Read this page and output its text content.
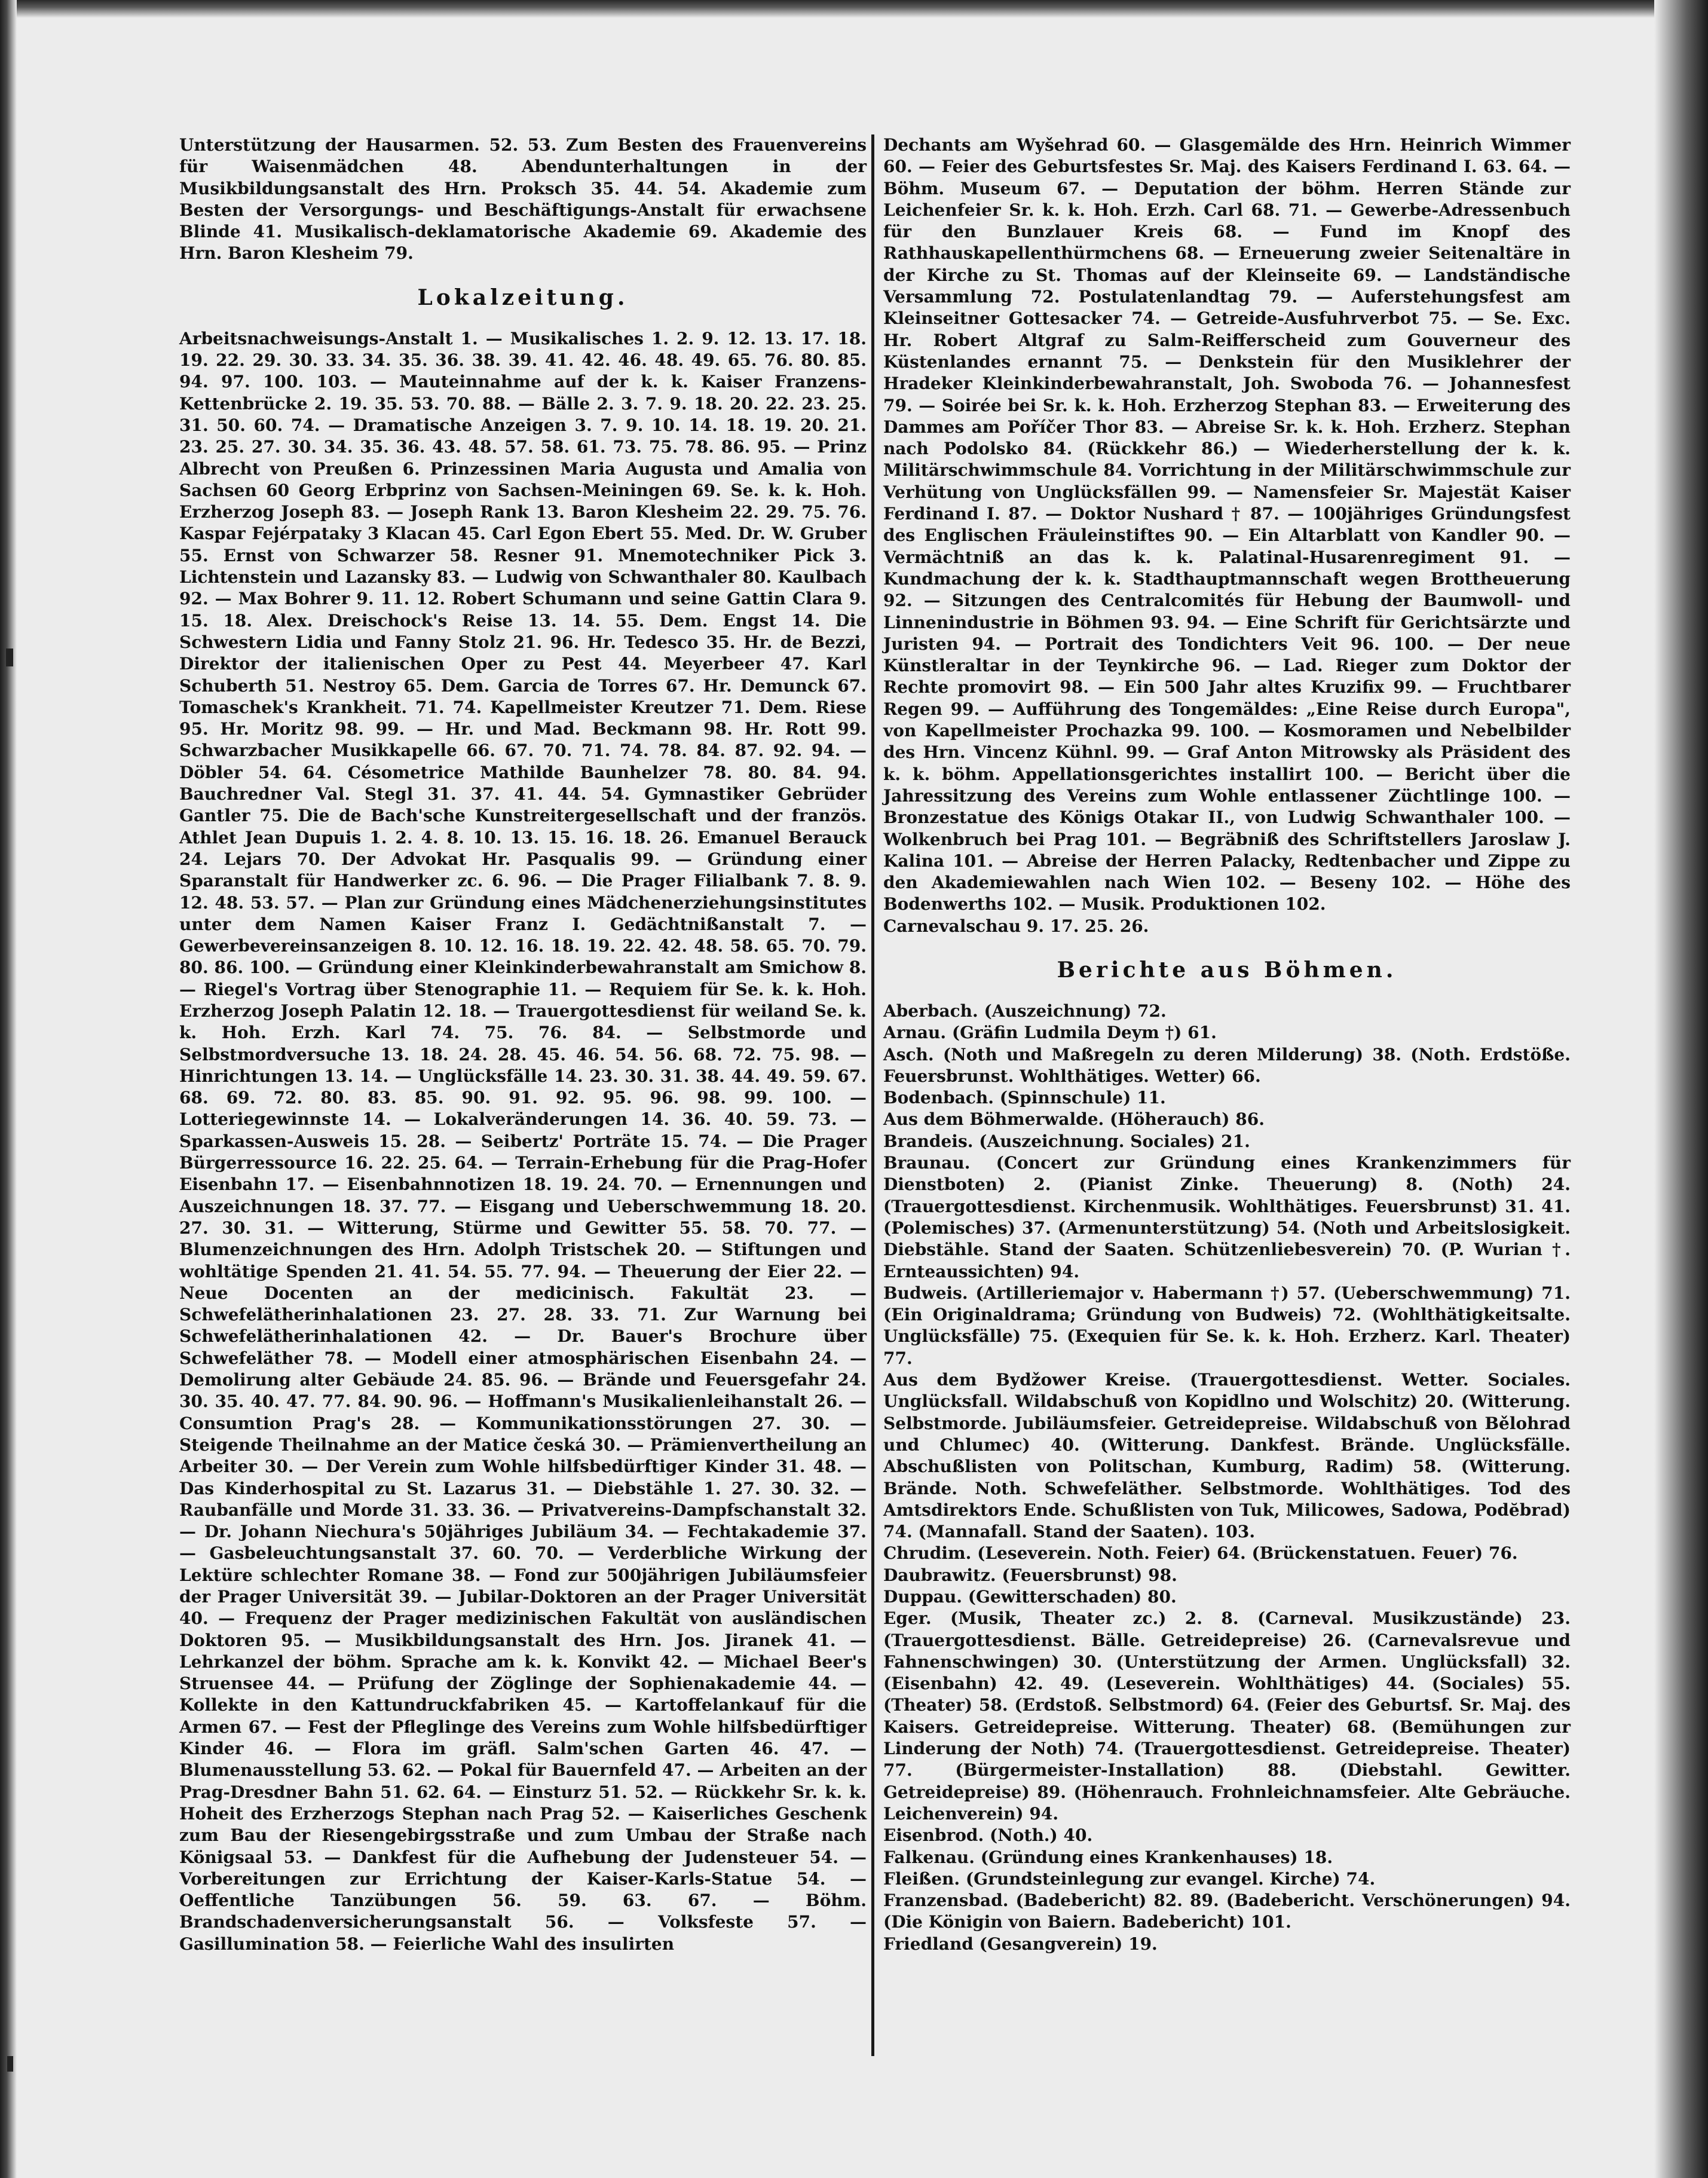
Unterstützung der Hausarmen. 52. 53. Zum Besten des Frauenvereins für Waisenmädchen 48. Abendunterhaltungen in der Musikbildungsanstalt des Hrn. Proksch 35. 44. 54. Akademie zum Besten der Versorgungs- und Beschäftigungs-Anstalt für erwachsene Blinde 41. Musikalisch-deklamatorische Akademie 69. Akademie des Hrn. Baron Klesheim 79.

Lokalzeitung.

Arbeitsnachweisungs-Anstalt 1. — Musikalisches 1. 2. 9. 12. 13. 17. 18. 19. 22. 29. 30. 33. 34. 35. 36. 38. 39. 41. 42. 46. 48. 49. 65. 76. 80. 85. 94. 97. 100. 103. — Mauteinnahme auf der k. k. Kaiser Franzens-Kettenbrücke 2. 19. 35. 53. 70. 88. — Bälle 2. 3. 7. 9. 18. 20. 22. 23. 25. 31. 50. 60. 74. — Dramatische Anzeigen 3. 7. 9. 10. 14. 18. 19. 20. 21. 23. 25. 27. 30. 34. 35. 36. 43. 48. 57. 58. 61. 73. 75. 78. 86. 95. — Prinz Albrecht von Preußen 6. Prinzessinen Maria Augusta und Amalia von Sachsen 60 Georg Erbprinz von Sachsen-Meiningen 69. Se. k. k. Hoh. Erzherzog Joseph 83. — Joseph Rank 13. Baron Klesheim 22. 29. 75. 76. Kaspar Fejérpataky 3 Klacan 45. Carl Egon Ebert 55. Med. Dr. W. Gruber 55. Ernst von Schwarzer 58. Resner 91. Mnemotechniker Pick 3. Lichtenstein und Lazansky 83. — Ludwig von Schwanthaler 80. Kaulbach 92. — Max Bohrer 9. 11. 12. Robert Schumann und seine Gattin Clara 9. 15. 18. Alex. Dreischock's Reise 13. 14. 55. Dem. Engst 14. Die Schwestern Lidia und Fanny Stolz 21. 96. Hr. Tedesco 35. Hr. de Bezzi, Direktor der italienischen Oper zu Pest 44. Meyerbeer 47. Karl Schuberth 51. Nestroy 65. Dem. Garcia de Torres 67. Hr. Demunck 67. Tomaschek's Krankheit. 71. 74. Kapellmeister Kreutzer 71. Dem. Riese 95. Hr. Moritz 98. 99. — Hr. und Mad. Beckmann 98. Hr. Rott 99. Schwarzbacher Musikkapelle 66. 67. 70. 71. 74. 78. 84. 87. 92. 94. — Döbler 54. 64. Césometrice Mathilde Baunhelzer 78. 80. 84. 94. Bauchredner Val. Stegl 31. 37. 41. 44. 54. Gymnastiker Gebrüder Gantler 75. Die de Bach'sche Kunstreitergesellschaft und der französ. Athlet Jean Dupuis 1. 2. 4. 8. 10. 13. 15. 16. 18. 26. Emanuel Berauck 24. Lejars 70. Der Advokat Hr. Pasqualis 99. — Gründung einer Sparanstalt für Handwerker zc. 6. 96. — Die Prager Filialbank 7. 8. 9. 12. 48. 53. 57. — Plan zur Gründung eines Mädchenerziehungsinstitutes unter dem Namen Kaiser Franz I. Gedächtnißanstalt 7. — Gewerbevereinsanzeigen 8. 10. 12. 16. 18. 19. 22. 42. 48. 58. 65. 70. 79. 80. 86. 100. — Gründung einer Kleinkinderbewahranstalt am Smichow 8. — Riegel's Vortrag über Stenographie 11. — Requiem für Se. k. k. Hoh. Erzherzog Joseph Palatin 12. 18. — Trauergottesdienst für weiland Se. k. k. Hoh. Erzh. Karl 74. 75. 76. 84. — Selbstmorde und Selbstmordversuche 13. 18. 24. 28. 45. 46. 54. 56. 68. 72. 75. 98. — Hinrichtungen 13. 14. — Unglücksfälle 14. 23. 30. 31. 38. 44. 49. 59. 67. 68. 69. 72. 80. 83. 85. 90. 91. 92. 95. 96. 98. 99. 100. — Lotteriegewinnste 14. — Lokalveränderungen 14. 36. 40. 59. 73. — Sparkassen-Ausweis 15. 28. — Seibertz' Porträte 15. 74. — Die Prager Bürgerressource 16. 22. 25. 64. — Terrain-Erhebung für die Prag-Hofer Eisenbahn 17. — Eisenbahnnotizen 18. 19. 24. 70. — Ernennungen und Auszeichnungen 18. 37. 77. — Eisgang und Ueberschwemmung 18. 20. 27. 30. 31. — Witterung, Stürme und Gewitter 55. 58. 70. 77. — Blumenzeichnungen des Hrn. Adolph Tristschek 20. — Stiftungen und wohltätige Spenden 21. 41. 54. 55. 77. 94. — Theuerung der Eier 22. — Neue Docenten an der medicinisch. Fakultät 23. — Schwefelätherinhalationen 23. 27. 28. 33. 71. Zur Warnung bei Schwefelätherinhalationen 42. — Dr. Bauer's Brochure über Schwefeläther 78. — Modell einer atmosphärischen Eisenbahn 24. — Demolirung alter Gebäude 24. 85. 96. — Brände und Feuersgefahr 24. 30. 35. 40. 47. 77. 84. 90. 96. — Hoffmann's Musikalienleihanstalt 26. — Consumtion Prag's 28. — Kommunikationsstörungen 27. 30. — Steigende Theilnahme an der Matice česká 30. — Prämienvertheilung an Arbeiter 30. — Der Verein zum Wohle hilfsbedürftiger Kinder 31. 48. — Das Kinderhospital zu St. Lazarus 31. — Diebstähle 1. 27. 30. 32. — Raubanfälle und Morde 31. 33. 36. — Privatvereins-Dampfschanstalt 32. — Dr. Johann Niechura's 50jähriges Jubiläum 34. — Fechtakademie 37. — Gasbeleuchtungsanstalt 37. 60. 70. — Verderbliche Wirkung der Lektüre schlechter Romane 38. — Fond zur 500jährigen Jubiläumsfeier der Prager Universität 39. — Jubilar-Doktoren an der Prager Universität 40. — Frequenz der Prager medizinischen Fakultät von ausländischen Doktoren 95. — Musikbildungsanstalt des Hrn. Jos. Jiranek 41. — Lehrkanzel der böhm. Sprache am k. k. Konvikt 42. — Michael Beer's Struensee 44. — Prüfung der Zöglinge der Sophienakademie 44. — Kollekte in den Kattundruckfabriken 45. — Kartoffelankauf für die Armen 67. — Fest der Pfleglinge des Vereins zum Wohle hilfsbedürftiger Kinder 46. — Flora im gräfl. Salm'schen Garten 46. 47. — Blumenausstellung 53. 62. — Pokal für Bauernfeld 47. — Arbeiten an der Prag-Dresdner Bahn 51. 62. 64. — Einsturz 51. 52. — Rückkehr Sr. k. k. Hoheit des Erzherzogs Stephan nach Prag 52. — Kaiserliches Geschenk zum Bau der Riesengebirgsstraße und zum Umbau der Straße nach Königsaal 53. — Dankfest für die Aufhebung der Judensteuer 54. — Vorbereitungen zur Errichtung der Kaiser-Karls-Statue 54. — Oeffentliche Tanzübungen 56. 59. 63. 67. — Böhm. Brandschadenversicherungsanstalt 56. — Volksfeste 57. — Gasillumination 58. — Feierliche Wahl des insulirten

Dechants am Wyšehrad 60. — Glasgemälde des Hrn. Heinrich Wimmer 60. — Feier des Geburtsfestes Sr. Maj. des Kaisers Ferdinand I. 63. 64. — Böhm. Museum 67. — Deputation der böhm. Herren Stände zur Leichenfeier Sr. k. k. Hoh. Erzh. Carl 68. 71. — Gewerbe-Adressenbuch für den Bunzlauer Kreis 68. — Fund im Knopf des Rathhauskapellenthürmchens 68. — Erneuerung zweier Seitenaltäre in der Kirche zu St. Thomas auf der Kleinseite 69. — Landständische Versammlung 72. Postulatenlandtag 79. — Auferstehungsfest am Kleinseitner Gottesacker 74. — Getreide-Ausfuhrverbot 75. — Se. Exc. Hr. Robert Altgraf zu Salm-Reifferscheid zum Gouverneur des Küstenlandes ernannt 75. — Denkstein für den Musiklehrer der Hradeker Kleinkinderbewahranstalt, Joh. Swoboda 76. — Johannesfest 79. — Soirée bei Sr. k. k. Hoh. Erzherzog Stephan 83. — Erweiterung des Dammes am Poříčer Thor 83. — Abreise Sr. k. k. Hoh. Erzherz. Stephan nach Podolsko 84. (Rückkehr 86.) — Wiederherstellung der k. k. Militärschwimmschule 84. Vorrichtung in der Militärschwimmschule zur Verhütung von Unglücksfällen 99. — Namensfeier Sr. Majestät Kaiser Ferdinand I. 87. — Doktor Nushard † 87. — 100jähriges Gründungsfest des Englischen Fräuleinstiftes 90. — Ein Altarblatt von Kandler 90. — Vermächtniß an das k. k. Palatinal-Husarenregiment 91. — Kundmachung der k. k. Stadthauptmannschaft wegen Brottheuerung 92. — Sitzungen des Centralcomités für Hebung der Baumwoll- und Linnenindustrie in Böhmen 93. 94. — Eine Schrift für Gerichtsärzte und Juristen 94. — Portrait des Tondichters Veit 96. 100. — Der neue Künstleraltar in der Teynkirche 96. — Lad. Rieger zum Doktor der Rechte promovirt 98. — Ein 500 Jahr altes Kruzifix 99. — Fruchtbarer Regen 99. — Aufführung des Tongemäldes: „Eine Reise durch Europa", von Kapellmeister Prochazka 99. 100. — Kosmoramen und Nebelbilder des Hrn. Vincenz Kühnl. 99. — Graf Anton Mitrowsky als Präsident des k. k. böhm. Appellationsgerichtes installirt 100. — Bericht über die Jahressitzung des Vereins zum Wohle entlassener Züchtlinge 100. — Bronzestatue des Königs Otakar II., von Ludwig Schwanthaler 100. — Wolkenbruch bei Prag 101. — Begräbniß des Schriftstellers Jaroslaw J. Kalina 101. — Abreise der Herren Palacky, Redtenbacher und Zippe zu den Akademiewahlen nach Wien 102. — Beseny 102. — Höhe des Bodenwerths 102. — Musik. Produktionen 102.

Carnevalschau 9. 17. 25. 26.

Berichte aus Böhmen.
Aberbach. (Auszeichnung) 72.
Arnau. (Gräfin Ludmila Deym †) 61.
Asch. (Noth und Maßregeln zu deren Milderung) 38. (Noth. Erdstöße. Feuersbrunst. Wohlthätiges. Wetter) 66.
Bodenbach. (Spinnschule) 11.
Aus dem Böhmerwalde. (Höherauch) 86.
Brandeis. (Auszeichnung. Sociales) 21.
Braunau. (Concert zur Gründung eines Krankenzimmers für Dienstboten) 2. (Pianist Zinke. Theuerung) 8. (Noth) 24. (Trauergottesdienst. Kirchenmusik. Wohlthätiges. Feuersbrunst) 31. 41. (Polemisches) 37. (Armenunterstützung) 54. (Noth und Arbeitslosigkeit. Diebstähle. Stand der Saaten. Schützenliebesverein) 70. (P. Wurian †. Ernteaussichten) 94.
Budweis. (Artilleriemajor v. Habermann †) 57. (Ueberschwemmung) 71. (Ein Originaldrama; Gründung von Budweis) 72. (Wohlthätigkeitsalte. Unglücksfälle) 75. (Exequien für Se. k. k. Hoh. Erzherz. Karl. Theater) 77.
Aus dem Bydžower Kreise. (Trauergottesdienst. Wetter. Sociales. Unglücksfall. Wildabschuß von Kopidlno und Wolschitz) 20. (Witterung. Selbstmorde. Jubiläumsfeier. Getreidepreise. Wildabschuß von Bělohrad und Chlumec) 40. (Witterung. Dankfest. Brände. Unglücksfälle. Abschußlisten von Politschan, Kumburg, Radim) 58. (Witterung. Brände. Noth. Schwefeläther. Selbstmorde. Wohlthätiges. Tod des Amtsdirektors Ende. Schußlisten von Tuk, Milicowes, Sadowa, Podĕbrad) 74. (Mannafall. Stand der Saaten). 103.
Chrudim. (Leseverein. Noth. Feier) 64. (Brückenstatuen. Feuer) 76.
Daubrawitz. (Feuersbrunst) 98.
Duppau. (Gewitterschaden) 80.
Eger. (Musik, Theater zc.) 2. 8. (Carneval. Musikzustände) 23. (Trauergottesdienst. Bälle. Getreidepreise) 26. (Carnevalsrevue und Fahnenschwingen) 30. (Unterstützung der Armen. Unglücksfall) 32. (Eisenbahn) 42. 49. (Leseverein. Wohlthätiges) 44. (Sociales) 55. (Theater) 58. (Erdstoß. Selbstmord) 64. (Feier des Geburtsf. Sr. Maj. des Kaisers. Getreidepreise. Witterung. Theater) 68. (Bemühungen zur Linderung der Noth) 74. (Trauergottesdienst. Getreidepreise. Theater) 77. (Bürgermeister-Installation) 88. (Diebstahl. Gewitter. Getreidepreise) 89. (Höhenrauch. Frohnleichnamsfeier. Alte Gebräuche. Leichenverein) 94.
Eisenbrod. (Noth.) 40.
Falkenau. (Gründung eines Krankenhauses) 18.
Fleißen. (Grundsteinlegung zur evangel. Kirche) 74.
Franzensbad. (Badebericht) 82. 89. (Badebericht. Verschönerungen) 94. (Die Königin von Baiern. Badebericht) 101.
Friedland (Gesangverein) 19.
